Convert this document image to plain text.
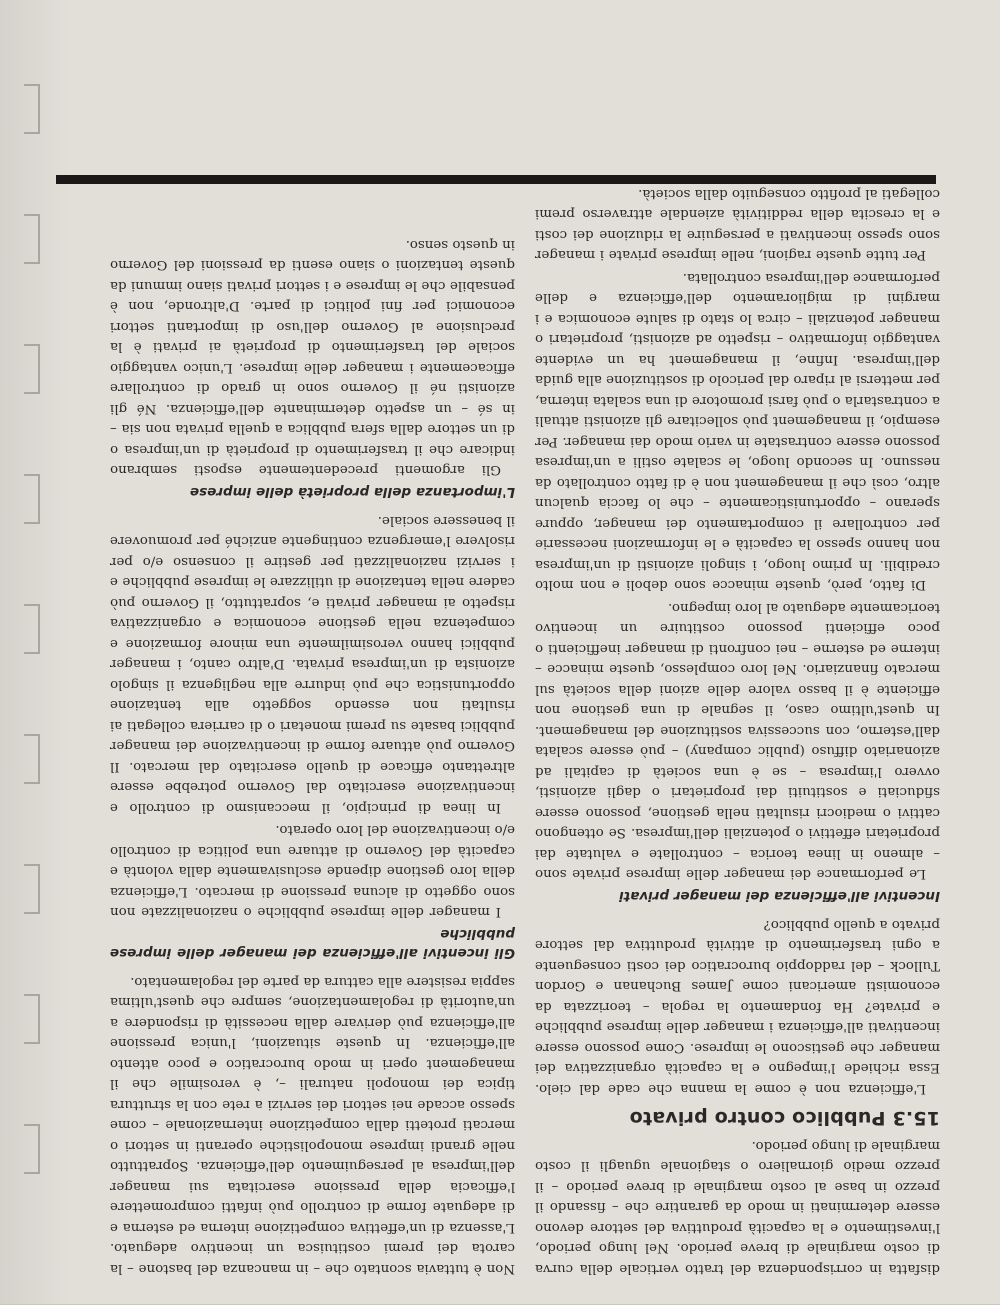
disfatta in corrispondenza del tratto verticale della curva di costo marginale di breve periodo. Nel lungo periodo, l'investimento e la capacità produttiva del settore devono essere determinati in modo da garantire che – fissando il prezzo in base al costo marginale di breve periodo – il prezzo medio giornaliero o stagionale uguagli il costo marginale di lungo periodo.

15.3 Pubblico contro privato

L'efficienza non è come la manna che cade dal cielo. Essa richiede l'impegno e la capacità organizzativa dei manager che gestiscono le imprese. Come possono essere incentivati all'efficienza i manager delle imprese pubbliche e private? Ha fondamento la regola – teorizzata da economisti americani come James Buchanan e Gordon Tullock – del raddoppio burocratico dei costi conseguente a ogni trasferimento di attività produttiva dal settore privato a quello pubblico?

Incentivi all'efficienza dei manager privati

Le performance dei manager delle imprese private sono – almeno in linea teorica – controllate e valutate dai proprietari effettivi o potenziali dell'impresa. Se ottengono cattivi o mediocri risultati nella gestione, possono essere sfiduciati e sostituiti dai proprietari o dagli azionisti, ovvero l'impresa – se è una società di capitali ad azionariato diffuso (public company) – può essere scalata dall'esterno, con successiva sostituzione del management. In quest'ultimo caso, il segnale di una gestione non efficiente è il basso valore delle azioni della società sul mercato finanziario. Nel loro complesso, queste minacce – interne ed esterne – nei confronti di manager inefficienti o poco efficienti possono costituire un incentivo teoricamente adeguato al loro impegno.

Di fatto, però, queste minacce sono deboli e non molto credibili. In primo luogo, i singoli azionisti di un'impresa non hanno spesso la capacità e le informazioni necessarie per controllare il comportamento dei manager, oppure sperano – opportunisticamente – che lo faccia qualcun altro, così che il management non è di fatto controllato da nessuno. In secondo luogo, le scalate ostili a un'impresa possono essere contrastate in vario modo dai manager. Per esempio, il management può sollecitare gli azionisti attuali a contrastarla o può farsi promotore di una scalata interna, per mettersi al riparo dal pericolo di sostituzione alla guida dell'impresa. Infine, il management ha un evidente vantaggio informativo – rispetto ad azionisti, proprietari o manager potenziali – circa lo stato di salute economica e i margini di miglioramento dell'efficienza e delle performance dell'impresa controllata.

Per tutte queste ragioni, nelle imprese private i manager sono spesso incentivati a perseguire la riduzione dei costi e la crescita della redditività aziendale attraverso premi collegati al profitto conseguito dalla società.

Non è tuttavia scontato che – in mancanza del bastone – la carota dei premi costituisca un incentivo adeguato. L'assenza di un'effettiva competizione interna ed esterna e di adeguate forme di controllo può infatti compromettere l'efficacia della pressione esercitata sui manager dell'impresa al perseguimento dell'efficienza. Soprattutto nelle grandi imprese monopolistiche operanti in settori o mercati protetti dalla competizione internazionale – come spesso accade nei settori dei servizi a rete con la struttura tipica dei monopoli naturali –, è verosimile che il management operi in modo burocratico e poco attento all'efficienza. In queste situazioni, l'unica pressione all'efficienza può derivare dalla necessità di rispondere a un'autorità di regolamentazione, sempre che quest'ultima sappia resistere alla cattura da parte del regolamentato.

Gli incentivi all'efficienza dei manager delle imprese pubbliche

I manager delle imprese pubbliche o nazionalizzate non sono oggetto di alcuna pressione di mercato. L'efficienza della loro gestione dipende esclusivamente dalla volontà e capacità del Governo di attuare una politica di controllo e/o incentivazione del loro operato.

In linea di principio, il meccanismo di controllo e incentivazione esercitato dal Governo potrebbe essere altrettanto efficace di quello esercitato dal mercato. Il Governo può attuare forme di incentivazione dei manager pubblici basate su premi monetari o di carriera collegati ai risultati non essendo soggetto alla tentazione opportunistica che può indurre alla negligenza il singolo azionista di un'impresa privata. D'altro canto, i manager pubblici hanno verosimilmente una minore formazione e competenza nella gestione economica e organizzativa rispetto ai manager privati e, soprattutto, il Governo può cadere nella tentazione di utilizzare le imprese pubbliche e i servizi nazionalizzati per gestire il consenso e/o per risolvere l'emergenza contingente anziché per promuovere il benessere sociale.

L'importanza della proprietà delle imprese

Gli argomenti precedentemente esposti sembrano indicare che il trasferimento di proprietà di un'impresa o di un settore dalla sfera pubblica a quella privata non sia – in sé – un aspetto determinante dell'efficienza. Né gli azionisti né il Governo sono in grado di controllare efficacemente i manager delle imprese. L'unico vantaggio sociale del trasferimento di proprietà ai privati è la preclusione al Governo dell'uso di importanti settori economici per fini politici di parte. D'altronde, non è pensabile che le imprese e i settori privati siano immuni da queste tentazioni o siano esenti da pressioni del Governo in questo senso.
